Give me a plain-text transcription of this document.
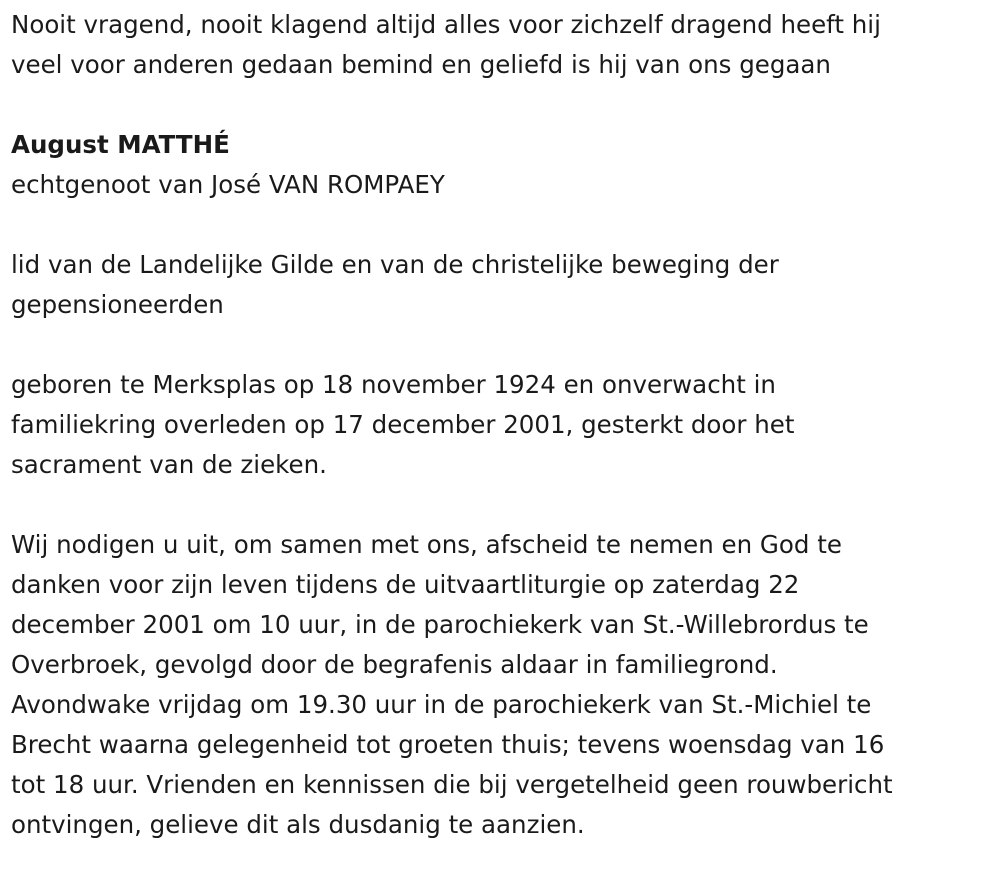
Nooit vragend, nooit klagend altijd alles voor zichzelf dragend heeft hij
veel voor anderen gedaan bemind en geliefd is hij van ons gegaan

August MATTHÉ
echtgenoot van José VAN ROMPAEY

lid van de Landelijke Gilde en van de christelijke beweging der
gepensioneerden

geboren te Merksplas op 18 november 1924 en onverwacht in
familiekring overleden op 17 december 2001, gesterkt door het
sacrament van de zieken.

Wij nodigen u uit, om samen met ons, afscheid te nemen en God te
danken voor zijn leven tijdens de uitvaartliturgie op zaterdag 22
december 2001 om 10 uur, in de parochiekerk van St.-Willebrordus te
Overbroek, gevolgd door de begrafenis aldaar in familiegrond.
Avondwake vrijdag om 19.30 uur in de parochiekerk van St.-Michiel te
Brecht waarna gelegenheid tot groeten thuis; tevens woensdag van 16
tot 18 uur. Vrienden en kennissen die bij vergetelheid geen rouwbericht
ontvingen, gelieve dit als dusdanig te aanzien.
